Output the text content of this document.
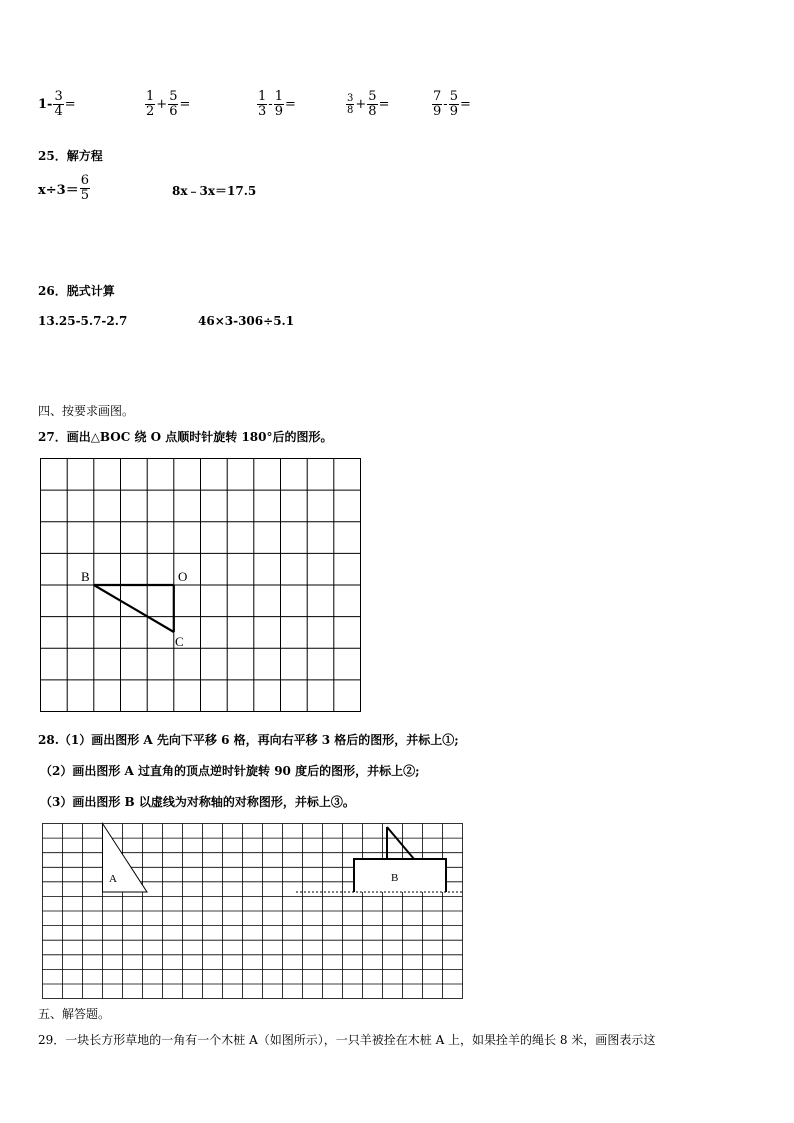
$1- \frac{3}{4}$ =	$\frac{1}{2} + \frac{5}{6}$ =	$\frac{1}{3} - \frac{1}{9}$ =	$\frac{3}{8} + \frac{5}{8}$ =	$\frac{7}{9} - \frac{5}{9}$ =
25．解方程
$x\div 3= \frac{6}{5}$	8x﹣3x＝17.5
26．脱式计算
13.25-5.7-2.7	46×3-306÷5.1
四、按要求画图。
27．画出△BOC 绕 O 点顺时针旋转 180°后的图形。
B	O
C
A	B
28.（1）画出图形 A 先向下平移 6 格，再向右平移 3 格后的图形，并标上①;
（2）画出图形 A 过直角的顶点逆时针旋转 90 度后的图形，并标上②;
（3）画出图形 B 以虚线为对称轴的对称图形，并标上③。
五、解答题。
29．一块长方形草地的一角有一个木桩 A（如图所示），一只羊被拴在木桩 A 上，如果拴羊的绳长 8 米，画图表示这
